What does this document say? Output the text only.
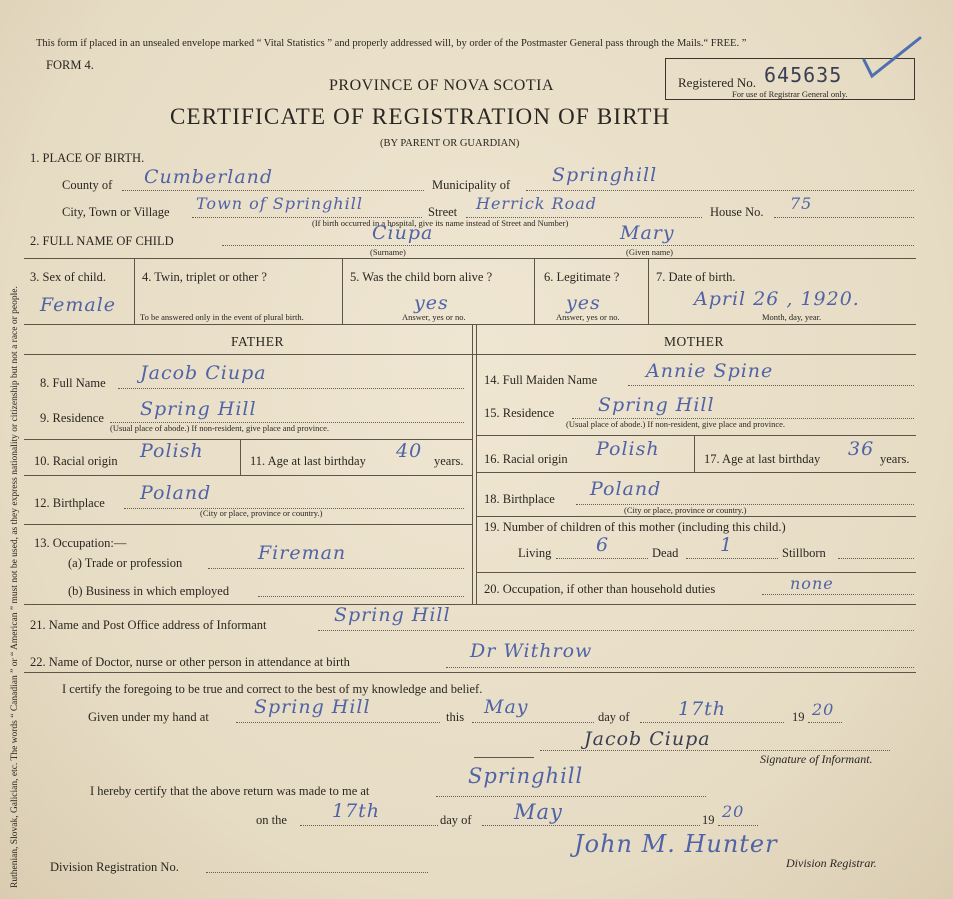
Ruthenian, Slovak, Galician, etc. The words “ Canadian ” or “ American ” must not be used, as they express nationality or citizenship but not a race or people.
This form if placed in an unsealed envelope marked “ Vital Statistics ” and properly addressed will, by order of the Postmaster General pass through the Mails.“ FREE. ”
FORM 4.
PROVINCE OF NOVA SCOTIA
CERTIFICATE OF REGISTRATION OF BIRTH
(BY PARENT OR GUARDIAN)
Registered No. 645635
For use of Registrar General only.
1. PLACE OF BIRTH.
County of Cumberland	Municipality of Springhill
City, Town or Village Town of Springhill	Street Herrick Road	House No. 75
(If birth occurred in a hospital, give its name instead of Street and Number)
2. FULL NAME OF CHILD	Ciupa	Mary
(Surname)	(Given name)
3. Sex of child.
Female
4. Twin, triplet or other ?
To be answered only in the event of plural birth.
5. Was the child born alive ?
yes
Answer, yes or no.
6. Legitimate ?
yes
Answer, yes or no.
7. Date of birth.
April 26 , 1920.
Month, day, year.
FATHER	MOTHER
8. Full Name Jacob Ciupa
9. Residence Spring Hill
(Usual place of abode.) If non-resident, give place and province.
10. Racial origin Polish	11. Age at last birthday 40 years.
12. Birthplace Poland
(City or place, province or country.)
13. Occupation:—
(a) Trade or profession	Fireman
(b) Business in which employed
14. Full Maiden Name	Annie Spine
15. Residence Spring Hill
(Usual place of abode.) If non-resident, give place and province.
16. Racial origin Polish	17. Age at last birthday 36 years.
18. Birthplace Poland
(City or place, province or country.)
19. Number of children of this mother (including this child.)
Living 6	Dead 1	Stillborn
20. Occupation, if other than household duties	none
21. Name and Post Office address of Informant	Spring Hill
22. Name of Doctor, nurse or other person in attendance at birth	Dr Withrow
I certify the foregoing to be true and correct to the best of my knowledge and belief.
Given under my hand at Spring Hill	this May	day of	17th	19 20
Jacob Ciupa
Signature of Informant.
I hereby certify that the above return was made to me at
Springhill
on the 17th	day of May	19 20
Division Registration No.
John M. Hunter
Division Registrar.
